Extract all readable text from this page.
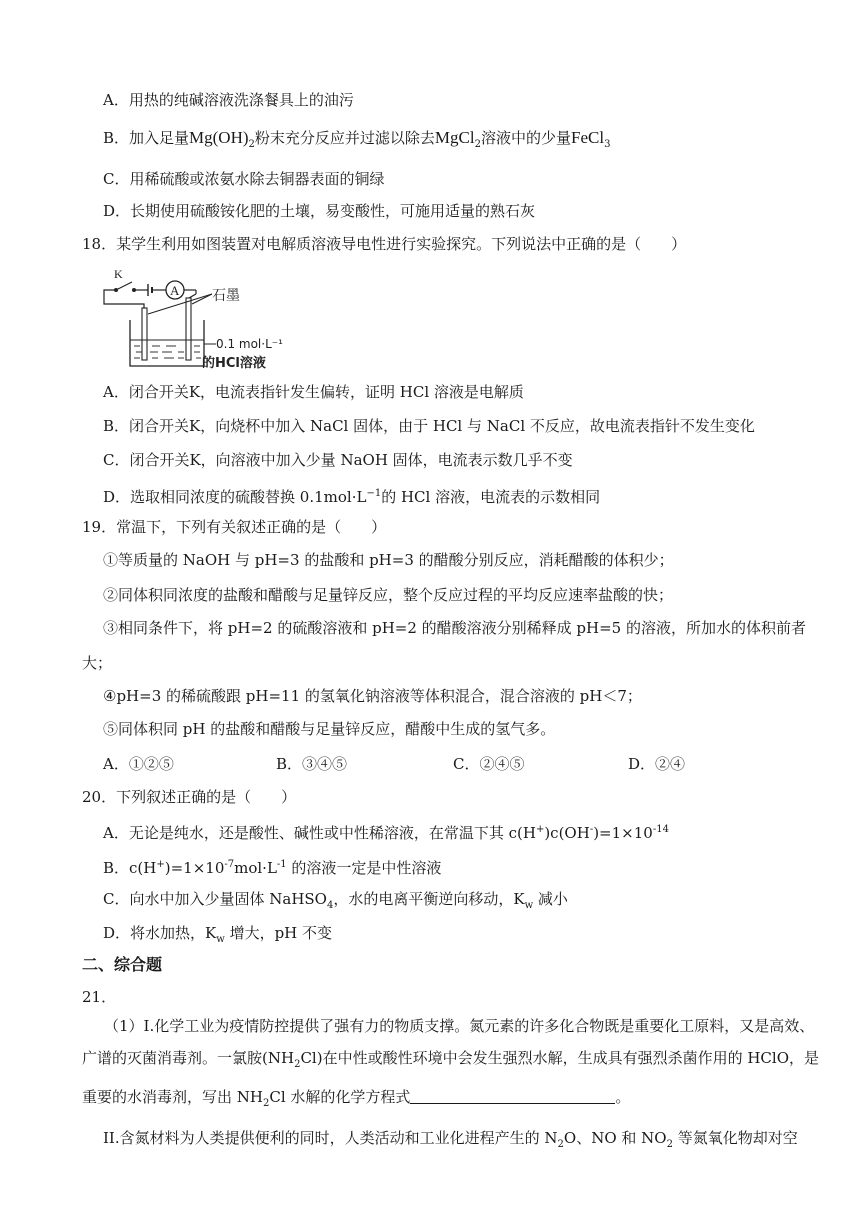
A．用热的纯碱溶液洗涤餐具上的油污
B．加入足量$Mg(OH)_2$粉末充分反应并过滤以除去MgCl$_2$溶液中的少量FeCl$_3$
C．用稀硫酸或浓氨水除去铜器表面的铜绿
D．长期使用硫酸铵化肥的土壤，易变酸性，可施用适量的熟石灰
18．某学生利用如图装置对电解质溶液导电性进行实验探究。下列说法中正确的是（　　）
A
K
石墨
0.1 mol·L⁻¹
的HCl溶液
A．闭合开关K，电流表指针发生偏转，证明 HCl 溶液是电解质
B．闭合开关K，向烧杯中加入 NaCl 固体，由于 HCl 与 NaCl 不反应，故电流表指针不发生变化
C．闭合开关K，向溶液中加入少量 NaOH 固体，电流表示数几乎不变
D．选取相同浓度的硫酸替换 $0.1mol\cdot L^{-1}$的 HCl 溶液，电流表的示数相同
19．常温下，下列有关叙述正确的是（　　）
①等质量的 NaOH 与 pH=3 的盐酸和 pH=3 的醋酸分别反应，消耗醋酸的体积少；
②同体积同浓度的盐酸和醋酸与足量锌反应，整个反应过程的平均反应速率盐酸的快；
③相同条件下，将 pH=2 的硫酸溶液和 pH=2 的醋酸溶液分别稀释成 pH=5 的溶液，所加水的体积前者
大；
④pH=3 的稀硫酸跟 pH=11 的氢氧化钠溶液等体积混合，混合溶液的 pH＜7；
⑤同体积同 pH 的盐酸和醋酸与足量锌反应，醋酸中生成的氢气多。
A．①②⑤	B．③④⑤	C．②④⑤	D．②④
20．下列叙述正确的是（　　）
A．无论是纯水，还是酸性、碱性或中性稀溶液，在常温下其 $c(H^+)c(OH^-)=1\times 10^{-14}$
B．$c(H^+)=1\times 10^{-7}mol\cdot L^{-1}$ 的溶液一定是中性溶液
C．向水中加入少量固体 NaHSO$_4$，水的电离平衡逆向移动，$K_w$ 减小
D．将水加热，$K_w$ 增大，pH 不变
二、综合题
21．
（1）I.化学工业为疫情防控提供了强有力的物质支撑。氮元素的许多化合物既是重要化工原料，又是高效、广谱的灭菌消毒剂。一氯胺$(NH_2Cl)$在中性或酸性环境中会发生强烈水解，生成具有强烈杀菌作用的 HClO，是重要的水消毒剂，写出 $NH_2Cl$ 水解的化学方程式	。
II.含氮材料为人类提供便利的同时，人类活动和工业化进程产生的 $N_2O$、NO 和 $NO_2$ 等氮氧化物却对空
